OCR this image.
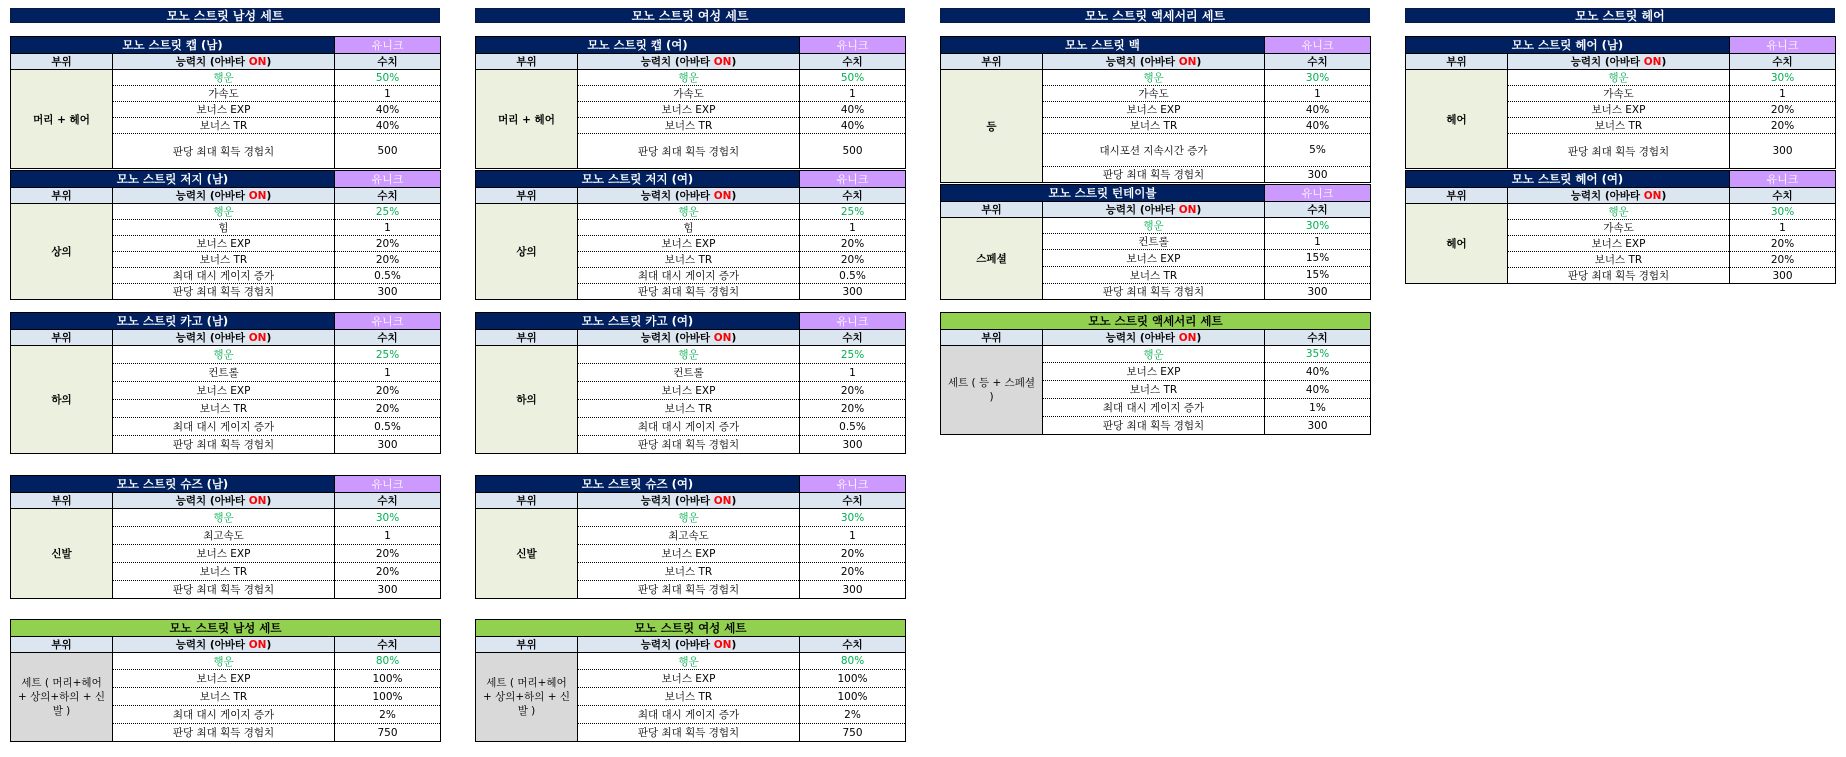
모노 스트릿 남성 세트	모노 스트릿 여성 세트	모노 스트릿 액세서리 세트	모노 스트릿 헤어
모노 스트릿 캡 (남)		유니크
부위	능력치 (아바타 ON)	수치
머리 + 헤어	행운	50%
	가속도	1
	보너스 EXP	40%
	보너스 TR	40%
	판당 최대 획득 경험치	500
모노 스트릿 저지 (남)		유니크
부위	능력치 (아바타 ON)	수치
상의	행운	25%
	힘	1
	보너스 EXP	20%
	보너스 TR	20%
	최대 대시 게이지 증가	0.5%
	판당 최대 획득 경험치	300
모노 스트릿 카고 (남)		유니크
부위	능력치 (아바타 ON)	수치
하의	행운	25%
	컨트롤	1
	보너스 EXP	20%
	보너스 TR	20%
	최대 대시 게이지 증가	0.5%
	판당 최대 획득 경험치	300
모노 스트릿 슈즈 (남)		유니크
부위	능력치 (아바타 ON)	수치
신발	행운	30%
	최고속도	1
	보너스 EXP	20%
	보너스 TR	20%
	판당 최대 획득 경험치	300
모노 스트릿 남성 세트		
부위	능력치 (아바타 ON)	수치
세트 ( 머리+헤어 + 상의+하의 + 신발 )	행운	80%
	보너스 EXP	100%
	보너스 TR	100%
	최대 대시 게이지 증가	2%
	판당 최대 획득 경험치	750
모노 스트릿 캡 (여)		유니크
부위	능력치 (아바타 ON)	수치
머리 + 헤어	행운	50%
	가속도	1
	보너스 EXP	40%
	보너스 TR	40%
	판당 최대 획득 경험치	500
모노 스트릿 저지 (여)		유니크
부위	능력치 (아바타 ON)	수치
상의	행운	25%
	힘	1
	보너스 EXP	20%
	보너스 TR	20%
	최대 대시 게이지 증가	0.5%
	판당 최대 획득 경험치	300
모노 스트릿 카고 (여)		유니크
부위	능력치 (아바타 ON)	수치
하의	행운	25%
	컨트롤	1
	보너스 EXP	20%
	보너스 TR	20%
	최대 대시 게이지 증가	0.5%
	판당 최대 획득 경험치	300
모노 스트릿 슈즈 (여)		유니크
부위	능력치 (아바타 ON)	수치
신발	행운	30%
	최고속도	1
	보너스 EXP	20%
	보너스 TR	20%
	판당 최대 획득 경험치	300
모노 스트릿 여성 세트		
부위	능력치 (아바타 ON)	수치
세트 ( 머리+헤어 + 상의+하의 + 신발 )	행운	80%
	보너스 EXP	100%
	보너스 TR	100%
	최대 대시 게이지 증가	2%
	판당 최대 획득 경험치	750
모노 스트릿 백		유니크
부위	능력치 (아바타 ON)	수치
등	행운	30%
	가속도	1
	보너스 EXP	40%
	보너스 TR	40%
	대시포션 지속시간 증가	5%
	판당 최대 획득 경험치	300
모노 스트릿 턴테이블		유니크
부위	능력치 (아바타 ON)	수치
스페셜	행운	30%
	컨트롤	1
	보너스 EXP	15%
	보너스 TR	15%
	판당 최대 획득 경험치	300
모노 스트릿 액세서리 세트		
부위	능력치 (아바타 ON)	수치
세트 ( 등 + 스페셜 )	행운	35%
	보너스 EXP	40%
	보너스 TR	40%
	최대 대시 게이지 증가	1%
	판당 최대 획득 경험치	300
모노 스트릿 헤어 (남)		유니크
부위	능력치 (아바타 ON)	수치
헤어	행운	30%
	가속도	1
	보너스 EXP	20%
	보너스 TR	20%
	판당 최대 획득 경험치	300
모노 스트릿 헤어 (여)		유니크
부위	능력치 (아바타 ON)	수치
헤어	행운	30%
	가속도	1
	보너스 EXP	20%
	보너스 TR	20%
	판당 최대 획득 경험치	300
